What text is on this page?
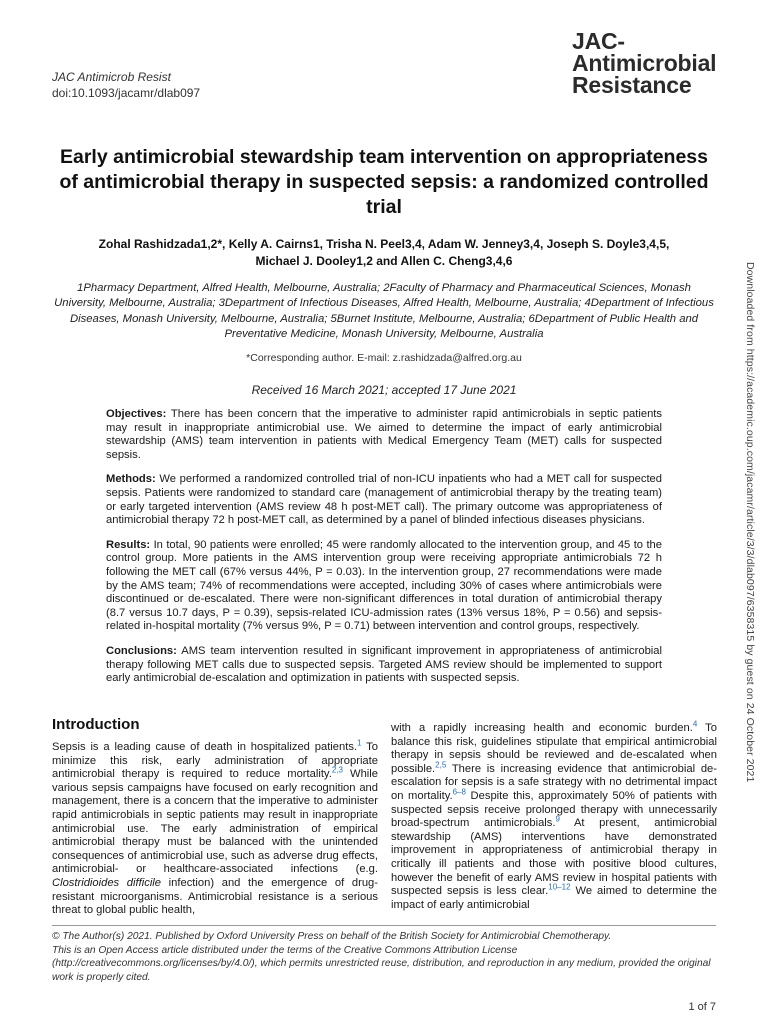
JAC Antimicrob Resist
doi:10.1093/jacamr/dlab097
JAC-
Antimicrobial
Resistance
Early antimicrobial stewardship team intervention on appropriateness of antimicrobial therapy in suspected sepsis: a randomized controlled trial
Zohal Rashidzada1,2*, Kelly A. Cairns1, Trisha N. Peel3,4, Adam W. Jenney3,4, Joseph S. Doyle3,4,5,
Michael J. Dooley1,2 and Allen C. Cheng3,4,6
1Pharmacy Department, Alfred Health, Melbourne, Australia; 2Faculty of Pharmacy and Pharmaceutical Sciences, Monash University, Melbourne, Australia; 3Department of Infectious Diseases, Alfred Health, Melbourne, Australia; 4Department of Infectious Diseases, Monash University, Melbourne, Australia; 5Burnet Institute, Melbourne, Australia; 6Department of Public Health and Preventative Medicine, Monash University, Melbourne, Australia
*Corresponding author. E-mail: z.rashidzada@alfred.org.au
Received 16 March 2021; accepted 17 June 2021

Objectives: There has been concern that the imperative to administer rapid antimicrobials in septic patients may result in inappropriate antimicrobial use. We aimed to determine the impact of early antimicrobial stewardship (AMS) team intervention in patients with Medical Emergency Team (MET) calls for suspected sepsis.

Methods: We performed a randomized controlled trial of non-ICU inpatients who had a MET call for suspected sepsis. Patients were randomized to standard care (management of antimicrobial therapy by the treating team) or early targeted intervention (AMS review 48 h post-MET call). The primary outcome was appropriateness of antimicrobial therapy 72 h post-MET call, as determined by a panel of blinded infectious diseases physicians.

Results: In total, 90 patients were enrolled; 45 were randomly allocated to the intervention group, and 45 to the control group. More patients in the AMS intervention group were receiving appropriate antimicrobials 72 h following the MET call (67% versus 44%, P = 0.03). In the intervention group, 27 recommendations were made by the AMS team; 74% of recommendations were accepted, including 30% of cases where antimicrobials were discontinued or de-escalated. There were non-significant differences in total duration of antimicrobial therapy (8.7 versus 10.7 days, P = 0.39), sepsis-related ICU-admission rates (13% versus 18%, P = 0.56) and sepsis-related in-hospital mortality (7% versus 9%, P = 0.71) between intervention and control groups, respectively.

Conclusions: AMS team intervention resulted in significant improvement in appropriateness of antimicrobial therapy following MET calls due to suspected sepsis. Targeted AMS review should be implemented to support early antimicrobial de-escalation and optimization in patients with suspected sepsis.

Introduction
Sepsis is a leading cause of death in hospitalized patients.$^1$ To minimize this risk, early administration of appropriate antimicrobial therapy is required to reduce mortality.$^{2,3}$ While various sepsis campaigns have focused on early recognition and management, there is a concern that the imperative to administer rapid antimicrobials in septic patients may result in inappropriate antimicrobial use. The early administration of empirical antimicrobial therapy must be balanced with the unintended consequences of antimicrobial use, such as adverse drug effects, antimicrobial- or healthcare-associated infections (e.g. Clostridioides difficile infection) and the emergence of drug-resistant microorganisms. Antimicrobial resistance is a serious threat to global public health,
with a rapidly increasing health and economic burden.$^4$ To balance this risk, guidelines stipulate that empirical antimicrobial therapy in sepsis should be reviewed and de-escalated when possible.$^{2,5}$ There is increasing evidence that antimicrobial de-escalation for sepsis is a safe strategy with no detrimental impact on mortality.$^{6-8}$ Despite this, approximately 50% of patients with suspected sepsis receive prolonged therapy with unnecessarily broad-spectrum antimicrobials.$^9$ At present, antimicrobial stewardship (AMS) interventions have demonstrated improvement in appropriateness of antimicrobial therapy in critically ill patients and those with positive blood cultures, however the benefit of early AMS review in hospital patients with suspected sepsis is less clear.$^{10-12}$ We aimed to determine the impact of early antimicrobial

© The Author(s) 2021. Published by Oxford University Press on behalf of the British Society for Antimicrobial Chemotherapy.

This is an Open Access article distributed under the terms of the Creative Commons Attribution License (http://creativecommons.org/licenses/by/4.0/), which permits unrestricted reuse, distribution, and reproduction in any medium, provided the original work is properly cited.

1 of 7
Downloaded from https://academic.oup.com/jacamr/article/3/3/dlab097/6358315 by guest on 24 October 2021
